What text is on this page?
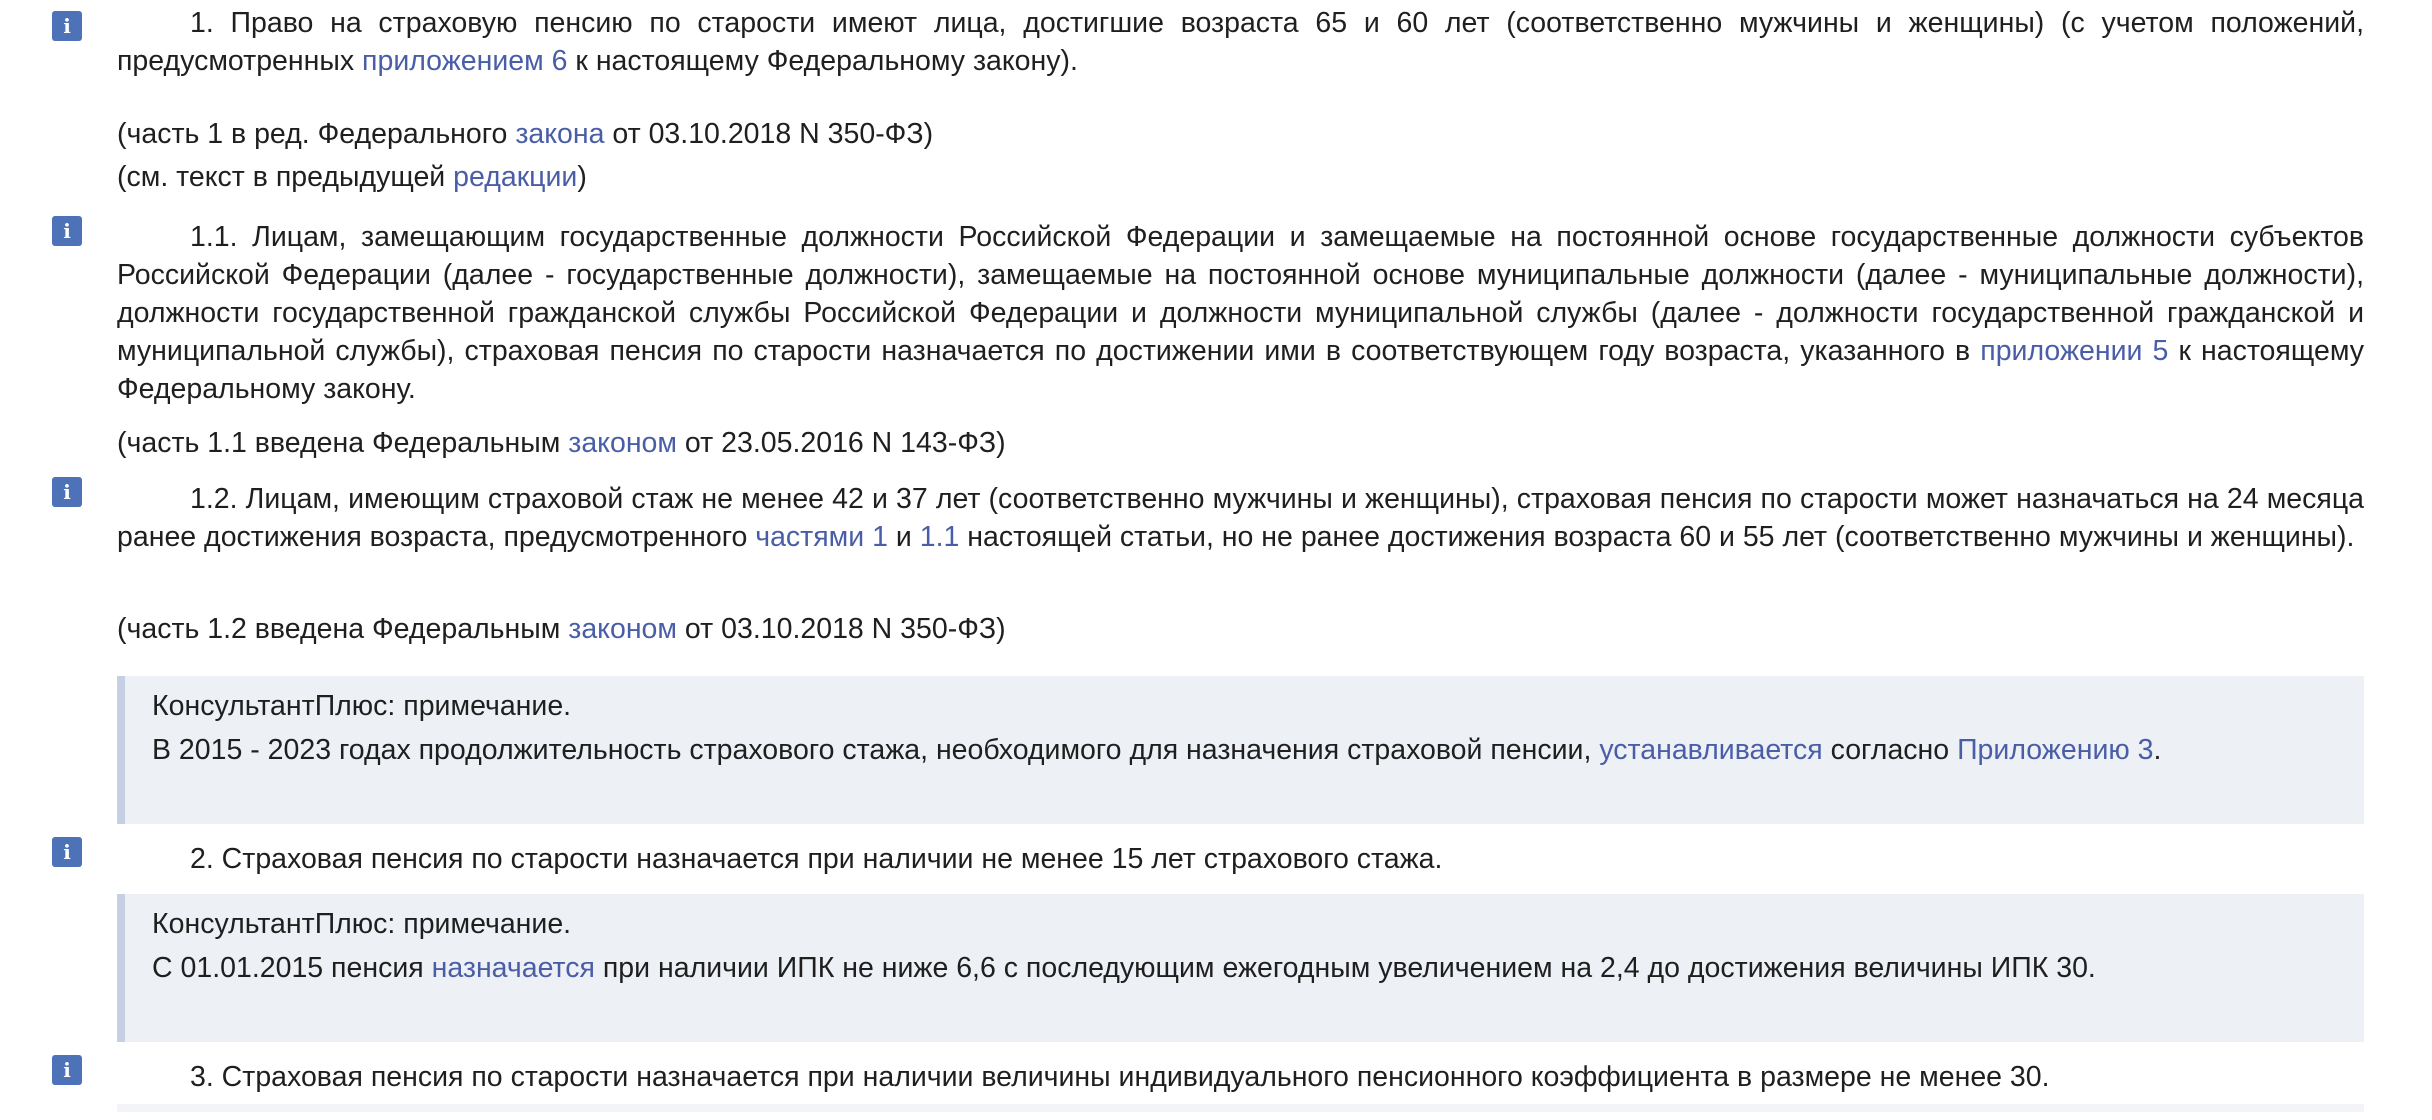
i	1. Право на страховую пенсию по старости имеют лица, достигшие возраста 65 и 60 лет (соответственно мужчины и женщины) (с учетом положений, предусмотренных приложением 6 к настоящему Федеральному закону).

(часть 1 в ред. Федерального закона от 03.10.2018 N 350-ФЗ)

(см. текст в предыдущей редакции)

i	1.1. Лицам, замещающим государственные должности Российской Федерации и замещаемые на постоянной основе государственные должности субъектов Российской Федерации (далее - государственные должности), замещаемые на постоянной основе муниципальные должности (далее - муниципальные должности), должности государственной гражданской службы Российской Федерации и должности муниципальной службы (далее - должности государственной гражданской и муниципальной службы), страховая пенсия по старости назначается по достижении ими в соответствующем году возраста, указанного в приложении 5 к настоящему Федеральному закону.

(часть 1.1 введена Федеральным законом от 23.05.2016 N 143-ФЗ)

i	1.2. Лицам, имеющим страховой стаж не менее 42 и 37 лет (соответственно мужчины и женщины), страховая пенсия по старости может назначаться на 24 месяца ранее достижения возраста, предусмотренного частями 1 и 1.1 настоящей статьи, но не ранее достижения возраста 60 и 55 лет (соответственно мужчины и женщины).

(часть 1.2 введена Федеральным законом от 03.10.2018 N 350-ФЗ)

КонсультантПлюс: примечание.

В 2015 - 2023 годах продолжительность страхового стажа, необходимого для назначения страховой пенсии, устанавливается согласно Приложению 3.

i	2. Страховая пенсия по старости назначается при наличии не менее 15 лет страхового стажа.

КонсультантПлюс: примечание.

С 01.01.2015 пенсия назначается при наличии ИПК не ниже 6,6 с последующим ежегодным увеличением на 2,4 до достижения величины ИПК 30.

i	3. Страховая пенсия по старости назначается при наличии величины индивидуального пенсионного коэффициента в размере не менее 30.
